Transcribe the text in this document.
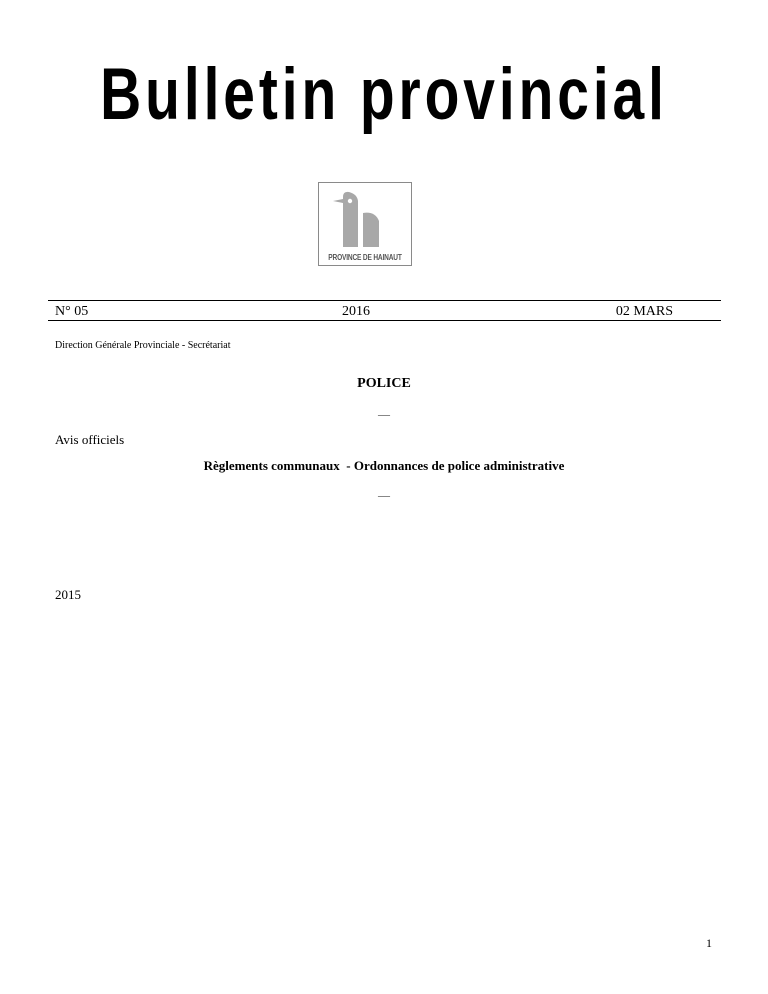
Bulletin provincial
PROVINCE DE HAINAUT
N° 05	2016	02 MARS
Direction Générale Provinciale - Secrétariat
POLICE
—
Avis officiels
Règlements communaux  - Ordonnances de police administrative
—
2015
1
